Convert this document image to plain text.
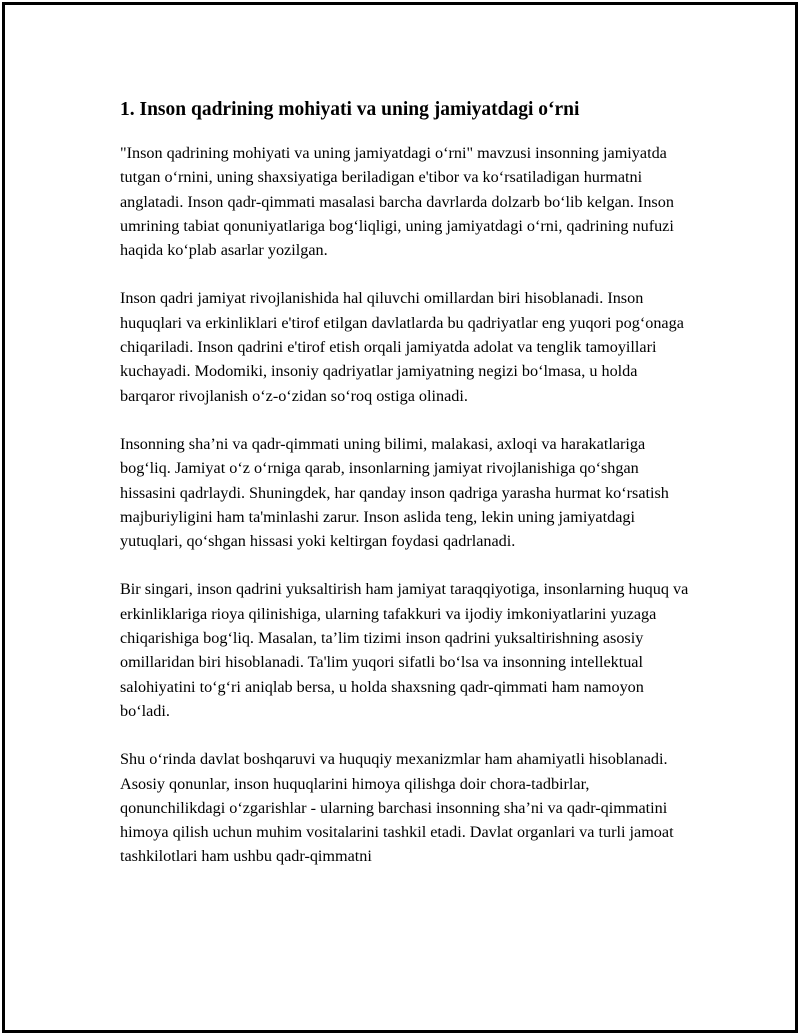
1. Inson qadrining mohiyati va uning jamiyatdagi o‘rni

"Inson qadrining mohiyati va uning jamiyatdagi o‘rni" mavzusi insonning jamiyatda tutgan o‘rnini, uning shaxsiyatiga beriladigan e'tibor va ko‘rsatiladigan hurmatni anglatadi. Inson qadr-qimmati masalasi barcha davrlarda dolzarb bo‘lib kelgan. Inson umrining tabiat qonuniyatlariga bog‘liqligi, uning jamiyatdagi o‘rni, qadrining nufuzi haqida ko‘plab asarlar yozilgan.

Inson qadri jamiyat rivojlanishida hal qiluvchi omillardan biri hisoblanadi. Inson huquqlari va erkinliklari e'tirof etilgan davlatlarda bu qadriyatlar eng yuqori pog‘onaga chiqariladi. Inson qadrini e'tirof etish orqali jamiyatda adolat va tenglik tamoyillari kuchayadi. Modomiki, insoniy qadriyatlar jamiyatning negizi bo‘lmasa, u holda barqaror rivojlanish o‘z-o‘zidan so‘roq ostiga olinadi.

Insonning sha’ni va qadr-qimmati uning bilimi, malakasi, axloqi va harakatlariga bog‘liq. Jamiyat o‘z o‘rniga qarab, insonlarning jamiyat rivojlanishiga qo‘shgan hissasini qadrlaydi. Shuningdek, har qanday inson qadriga yarasha hurmat ko‘rsatish majburiyligini ham ta'minlashi zarur. Inson aslida teng, lekin uning jamiyatdagi yutuqlari, qo‘shgan hissasi yoki keltirgan foydasi qadrlanadi.

Bir singari, inson qadrini yuksaltirish ham jamiyat taraqqiyotiga, insonlarning huquq va erkinliklariga rioya qilinishiga, ularning tafakkuri va ijodiy imkoniyatlarini yuzaga chiqarishiga bog‘liq. Masalan, ta’lim tizimi inson qadrini yuksaltirishning asosiy omillaridan biri hisoblanadi. Ta'lim yuqori sifatli bo‘lsa va insonning intellektual salohiyatini to‘g‘ri aniqlab bersa, u holda shaxsning qadr-qimmati ham namoyon bo‘ladi.

Shu o‘rinda davlat boshqaruvi va huquqiy mexanizmlar ham ahamiyatli hisoblanadi. Asosiy qonunlar, inson huquqlarini himoya qilishga doir chora-tadbirlar, qonunchilikdagi o‘zgarishlar - ularning barchasi insonning sha’ni va qadr-qimmatini himoya qilish uchun muhim vositalarini tashkil etadi. Davlat organlari va turli jamoat tashkilotlari ham ushbu qadr-qimmatni
